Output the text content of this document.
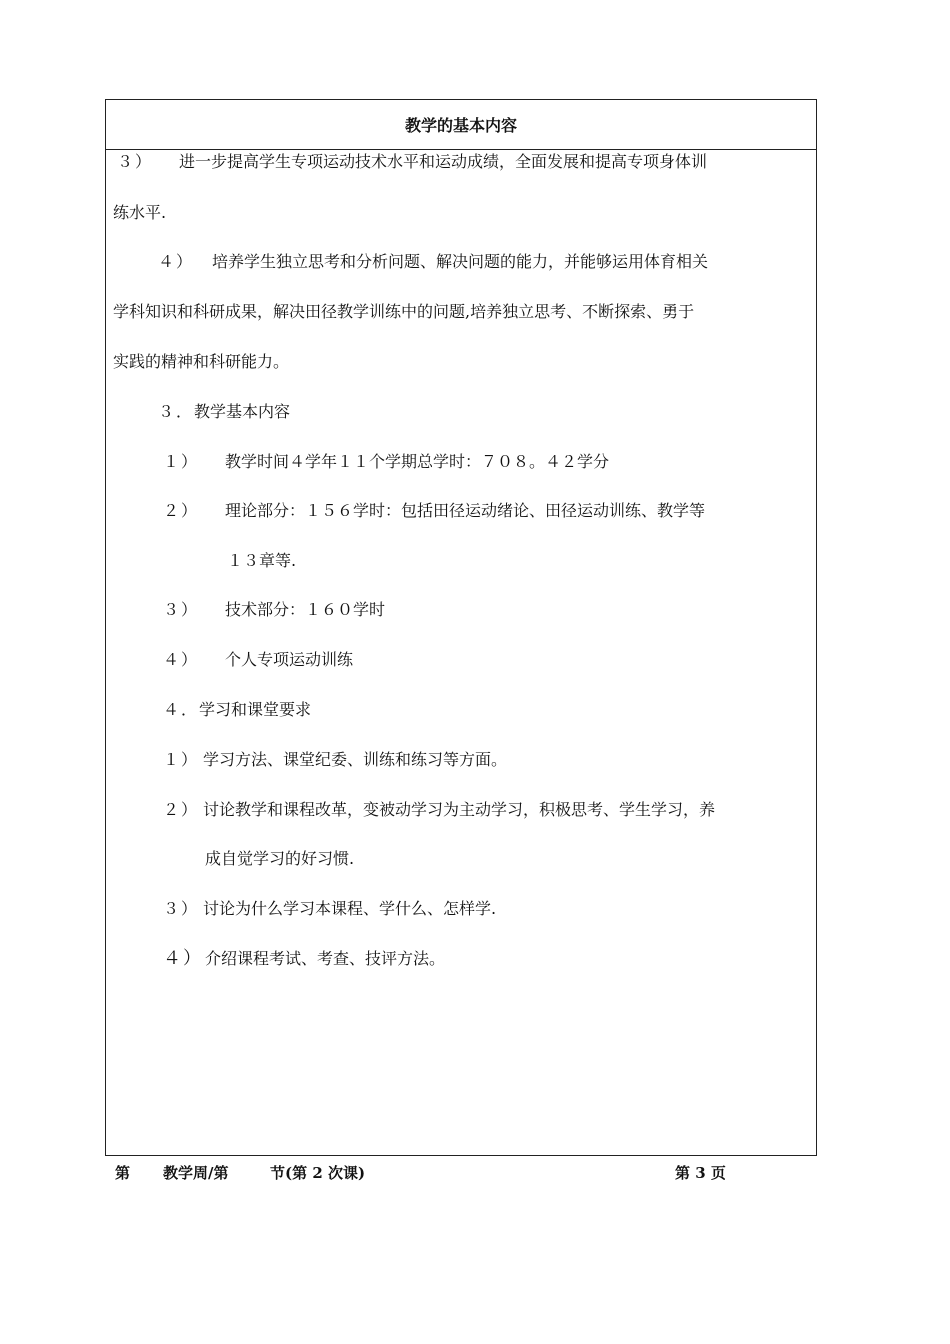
教学的基本内容
３） 进一步提高学生专项运动技术水平和运动成绩，全面发展和提高专项身体训
练水平.
４） 培养学生独立思考和分析问题、解决问题的能力，并能够运用体育相关
学科知识和科研成果，解决田径教学训练中的问题,培养独立思考、不断探索、勇于
实践的精神和科研能力。
３．教学基本内容
１） 教学时间４学年１１个学期总学时：７０８。４２学分
２） 理论部分：１５６学时：包括田径运动绪论、田径运动训练、教学等
１３章等.
３） 技术部分：１６０学时
４） 个人专项运动训练
４．学习和课堂要求
１） 学习方法、课堂纪委、训练和练习等方面。
２） 讨论教学和课程改革，变被动学习为主动学习，积极思考、学生学习，养
成自觉学习的好习惯.
３） 讨论为什么学习本课程、学什么、怎样学.
４） 介绍课程考试、考查、技评方法。
第 教学周/第	节(第 2 次课)	第 3 页
